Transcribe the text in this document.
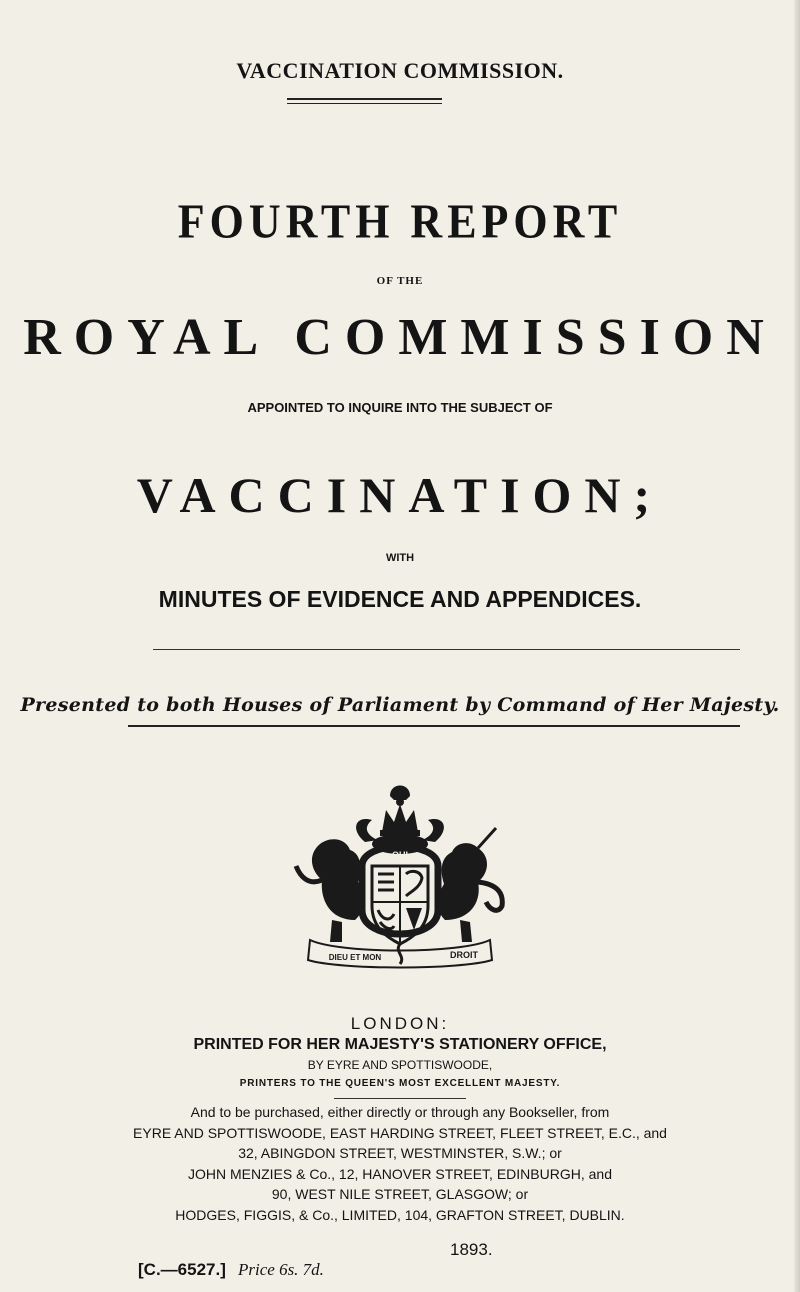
VACCINATION COMMISSION.
FOURTH REPORT
OF THE
ROYAL COMMISSION
APPOINTED TO INQUIRE INTO THE SUBJECT OF
VACCINATION;
WITH
MINUTES OF EVIDENCE AND APPENDICES.
Presented to both Houses of Parliament by Command of Her Majesty.
QUI
DIEU ET MON	DROIT
LONDON:
PRINTED FOR HER MAJESTY'S STATIONERY OFFICE,
BY EYRE AND SPOTTISWOODE,
PRINTERS TO THE QUEEN'S MOST EXCELLENT MAJESTY.
And to be purchased, either directly or through any Bookseller, from
EYRE AND SPOTTISWOODE, EAST HARDING STREET, FLEET STREET, E.C., and
32, ABINGDON STREET, WESTMINSTER, S.W.; or
JOHN MENZIES & Co., 12, HANOVER STREET, EDINBURGH, and
90, WEST NILE STREET, GLASGOW; or
HODGES, FIGGIS, & Co., LIMITED, 104, GRAFTON STREET, DUBLIN.
1893.
[C.—6527.] Price 6s. 7d.
